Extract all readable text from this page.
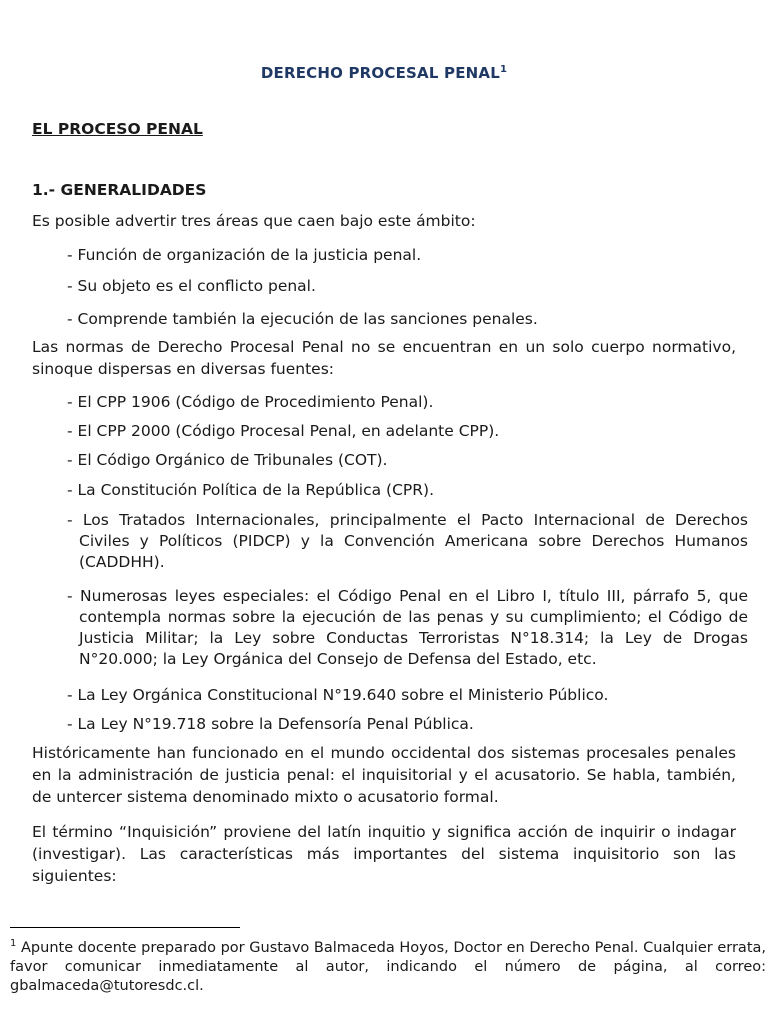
DERECHO PROCESAL PENAL$^1$
EL PROCESO PENAL
1.- GENERALIDADES

Es posible advertir tres áreas que caen bajo este ámbito:

- Función de organización de la justicia penal.

- Su objeto es el conflicto penal.

- Comprende también la ejecución de las sanciones penales.

Las normas de Derecho Procesal Penal no se encuentran en un solo cuerpo normativo, sinoque dispersas en diversas fuentes:

- El CPP 1906 (Código de Procedimiento Penal).

- El CPP 2000 (Código Procesal Penal, en adelante CPP).

- El Código Orgánico de Tribunales (COT).

- La Constitución Política de la República (CPR).

- Los Tratados Internacionales, principalmente el Pacto Internacional de Derechos Civiles y Políticos (PIDCP) y la Convención Americana sobre Derechos Humanos (CADDHH).

- Numerosas leyes especiales: el Código Penal en el Libro I, título III, párrafo 5, que contempla normas sobre la ejecución de las penas y su cumplimiento; el Código de Justicia Militar; la Ley sobre Conductas Terroristas N°18.314; la Ley de Drogas N°20.000; la Ley Orgánica del Consejo de Defensa del Estado, etc.

- La Ley Orgánica Constitucional N°19.640 sobre el Ministerio Público.

- La Ley N°19.718 sobre la Defensoría Penal Pública.

Históricamente han funcionado en el mundo occidental dos sistemas procesales penales en la administración de justicia penal: el inquisitorial y el acusatorio. Se habla, también, de untercer sistema denominado mixto o acusatorio formal.

El término “Inquisición” proviene del latín inquitio y significa acción de inquirir o indagar (investigar). Las características más importantes del sistema inquisitorio son las siguientes:

$^1$ Apunte docente preparado por Gustavo Balmaceda Hoyos, Doctor en Derecho Penal. Cualquier errata, favor comunicar inmediatamente al autor, indicando el número de página, al correo: gbalmaceda@tutoresdc.cl.
